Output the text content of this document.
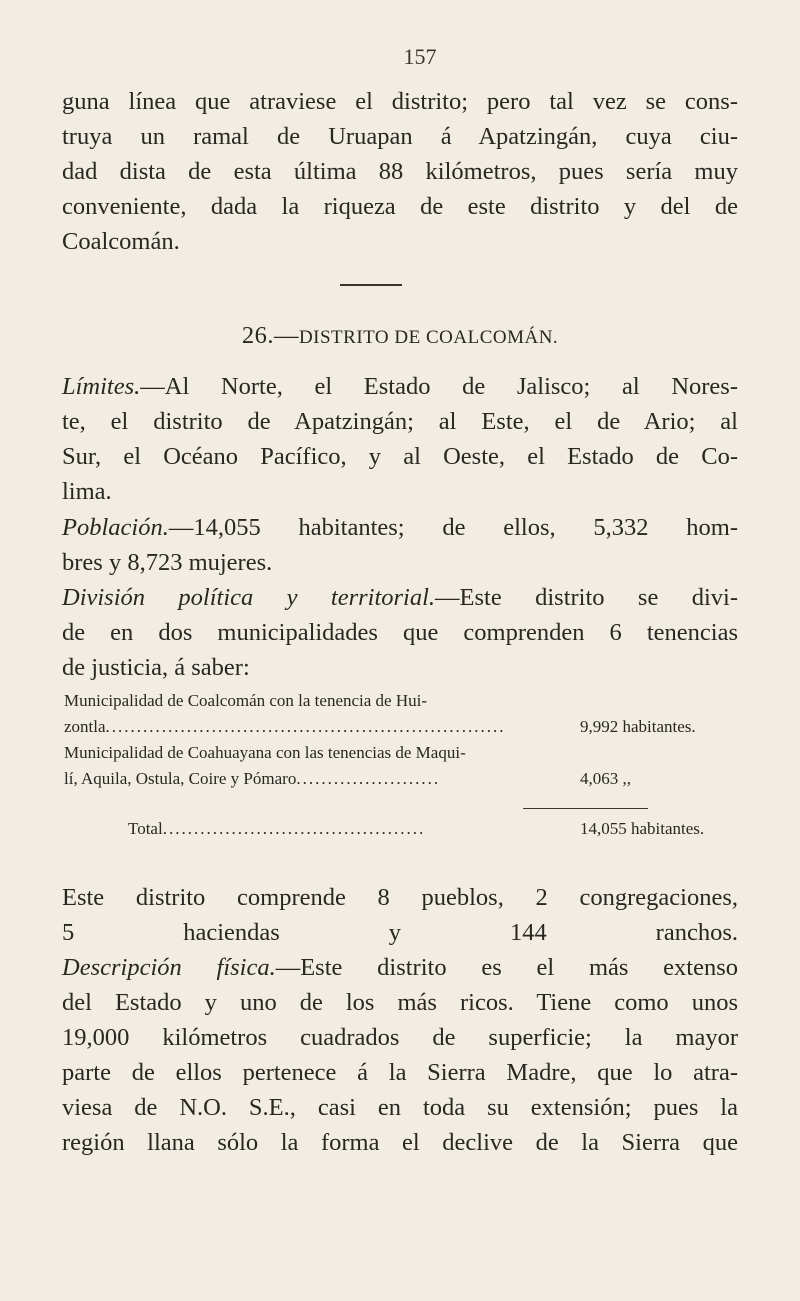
157
guna línea que atraviese el distrito; pero tal vez se cons-
truya un ramal de Uruapan á Apatzingán, cuya ciu-
dad dista de esta última 88 kilómetros, pues sería muy
conveniente, dada la riqueza de este distrito y del de
Coalcomán.
26.—DISTRITO DE COALCOMÁN.
Límites.—Al Norte, el Estado de Jalisco; al Nores-
te, el distrito de Apatzingán; al Este, el de Ario; al
Sur, el Océano Pacífico, y al Oeste, el Estado de Co-
lima.
Población.—14,055 habitantes; de ellos, 5,332 hom-
bres y 8,723 mujeres.
División política y territorial.—Este distrito se divi-
de en dos municipalidades que comprenden 6 tenencias
de justicia, á saber:
Municipalidad de Coalcomán con la tenencia de Hui-
zontla................................................................	9,992 habitantes.
Municipalidad de Coahuayana con las tenencias de Maqui-
lí, Aquila, Ostula, Coire y Pómaro.......................	4,063 ,,
Total..........................................	14,055 habitantes.
Este distrito comprende 8 pueblos, 2 congregaciones,
5 haciendas y 144 ranchos.
Descripción física.—Este distrito es el más extenso
del Estado y uno de los más ricos. Tiene como unos
19,000 kilómetros cuadrados de superficie; la mayor
parte de ellos pertenece á la Sierra Madre, que lo atra-
viesa de N.O. S.E., casi en toda su extensión; pues la
región llana sólo la forma el declive de la Sierra que
